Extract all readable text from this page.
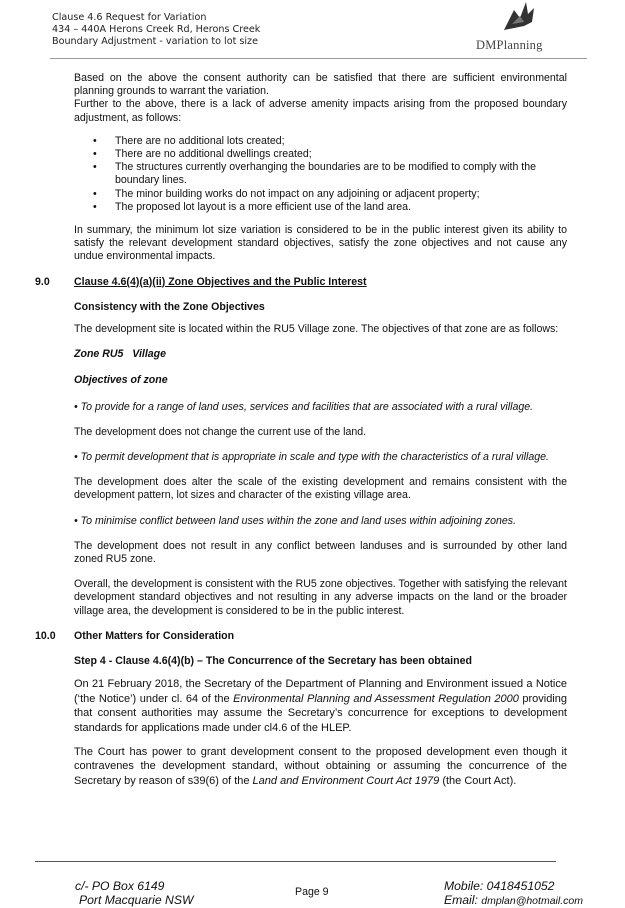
Clause 4.6 Request for Variation
434 – 440A Herons Creek Rd, Herons Creek
Boundary Adjustment - variation to lot size	DMPlanning

Based on the above the consent authority can be satisfied that there are sufficient environmental planning grounds to warrant the variation.

Further to the above, there is a lack of adverse amenity impacts arising from the proposed boundary adjustment, as follows:

• There are no additional lots created;
• There are no additional dwellings created;
• The structures currently overhanging the boundaries are to be modified to comply with the boundary lines.
• The minor building works do not impact on any adjoining or adjacent property;
• The proposed lot layout is a more efficient use of the land area.

In summary, the minimum lot size variation is considered to be in the public interest given its ability to satisfy the relevant development standard objectives, satisfy the zone objectives and not cause any undue environmental impacts.

9.0	Clause 4.6(4)(a)(ii) Zone Objectives and the Public Interest

Consistency with the Zone Objectives

The development site is located within the RU5 Village zone. The objectives of that zone are as follows:

Zone RU5   Village

Objectives of zone

• To provide for a range of land uses, services and facilities that are associated with a rural village.

The development does not change the current use of the land.

• To permit development that is appropriate in scale and type with the characteristics of a rural village.

The development does alter the scale of the existing development and remains consistent with the development pattern, lot sizes and character of the existing village area.

• To minimise conflict between land uses within the zone and land uses within adjoining zones.

The development does not result in any conflict between landuses and is surrounded by other land zoned RU5 zone.

Overall, the development is consistent with the RU5 zone objectives. Together with satisfying the relevant development standard objectives and not resulting in any adverse impacts on the land or the broader village area, the development is considered to be in the public interest.

10.0	Other Matters for Consideration

Step 4 - Clause 4.6(4)(b) – The Concurrence of the Secretary has been obtained

On 21 February 2018, the Secretary of the Department of Planning and Environment issued a Notice (‘the Notice’) under cl. 64 of the Environmental Planning and Assessment Regulation 2000 providing that consent authorities may assume the Secretary’s concurrence for exceptions to development standards for applications made under cl4.6 of the HLEP.

The Court has power to grant development consent to the proposed development even though it contravenes the development standard, without obtaining or assuming the concurrence of the Secretary by reason of s39(6) of the Land and Environment Court Act 1979 (the Court Act).

c/- PO Box 6149
Port Macquarie NSW
Page 9	Mobile: 0418451052
Email: dmplan@hotmail.com
